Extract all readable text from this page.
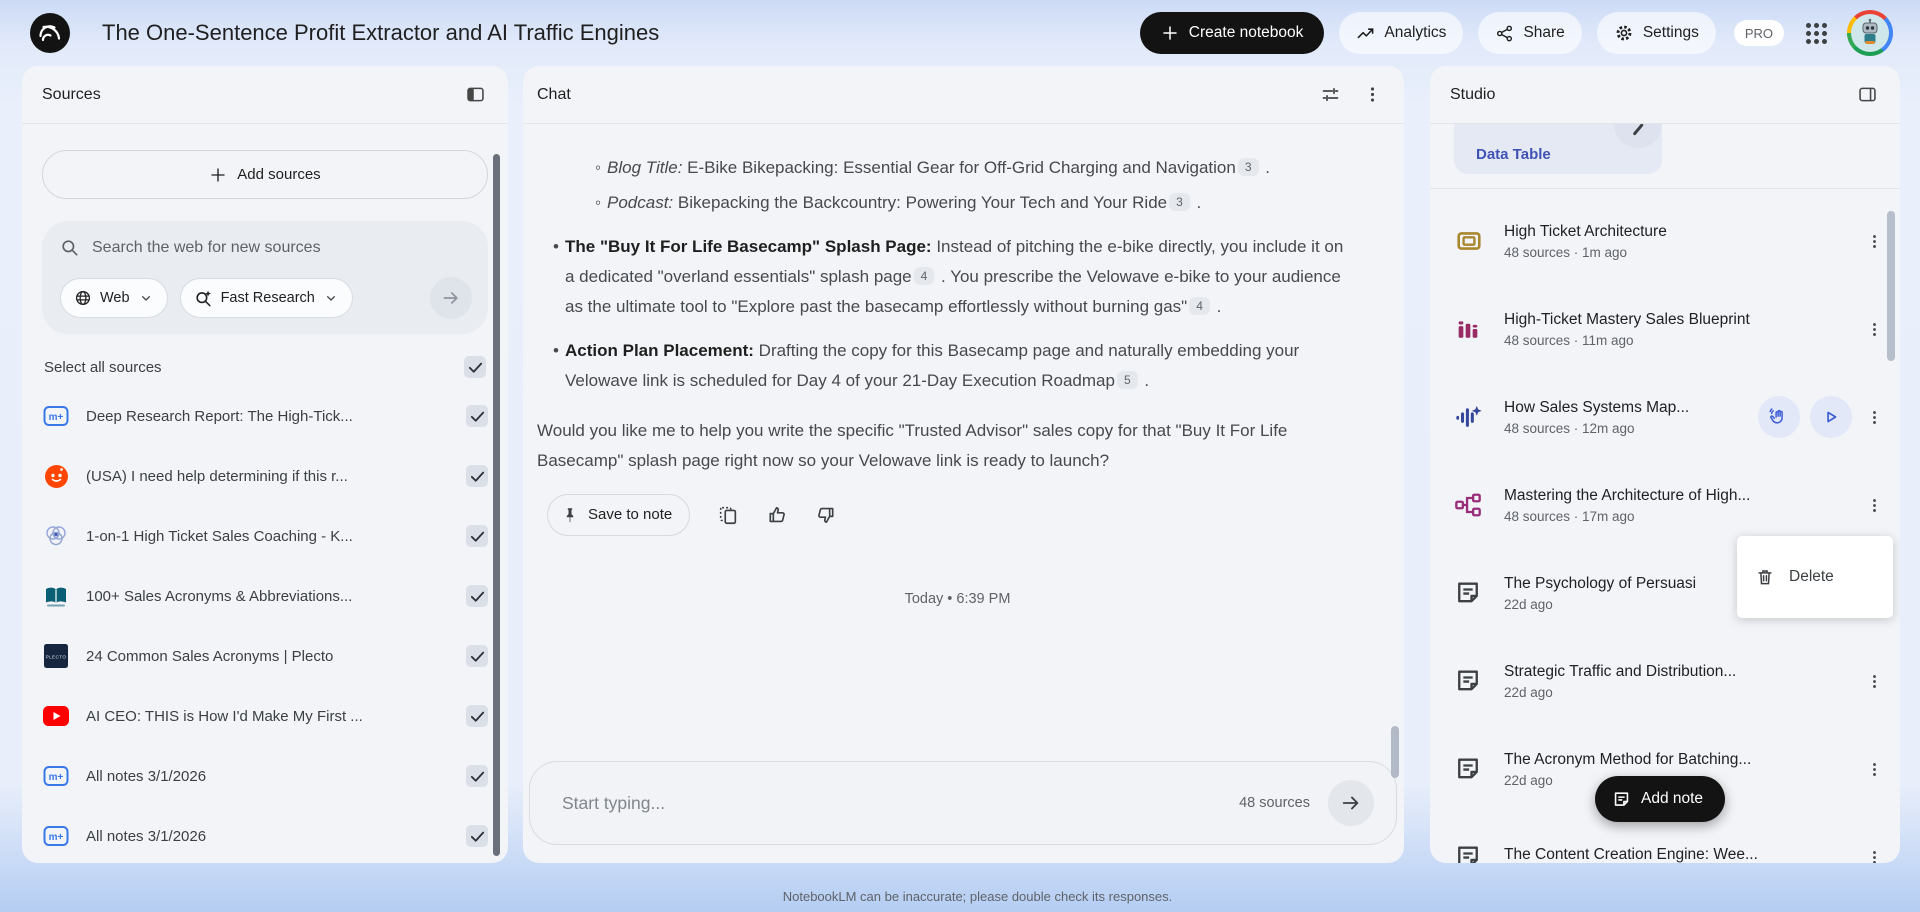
The One-Sentence Profit Extractor and AI Traffic Engines	Create notebook	Analytics	Share	Settings	PRO
Sources
Add sources
Search the web for new sources
Web	Fast Research
Select all sources
m+ Deep Research Report: The High-Tick...
(USA) I need help determining if this r...
1-on-1 High Ticket Sales Coaching - K...
100+ Sales Acronyms & Abbreviations...
PLECTO 24 Common Sales Acronyms | Plecto
AI CEO: THIS is How I'd Make My First ...
m+ All notes 3/1/2026
m+ All notes 3/1/2026
Chat
◦ Blog Title: E-Bike Bikepacking: Essential Gear for Off-Grid Charging and Navigation 3 .
◦ Podcast: Bikepacking the Backcountry: Powering Your Tech and Your Ride 3 .
• The "Buy It For Life Basecamp" Splash Page: Instead of pitching the e-bike directly, you include it on a dedicated "overland essentials" splash page 4 . You prescribe the Velowave e-bike to your audience as the ultimate tool to "Explore past the basecamp effortlessly without burning gas" 4 .
• Action Plan Placement: Drafting the copy for this Basecamp page and naturally embedding your Velowave link is scheduled for Day 4 of your 21-Day Execution Roadmap 5 .
Would you like me to help you write the specific "Trusted Advisor" sales copy for that "Buy It For Life Basecamp" splash page right now so your Velowave link is ready to launch?
Save to note
Today • 6:39 PM
Start typing...	48 sources
Studio
Data Table
High Ticket Architecture
48 sources · 1m ago
High-Ticket Mastery Sales Blueprint
48 sources · 11m ago
How Sales Systems Map...
48 sources · 12m ago
Mastering the Architecture of High...
48 sources · 17m ago
The Psychology of Persuasi
22d ago
Strategic Traffic and Distribution...
22d ago
The Acronym Method for Batching...
22d ago
The Content Creation Engine: Wee...
Delete
Add note
NotebookLM can be inaccurate; please double check its responses.
